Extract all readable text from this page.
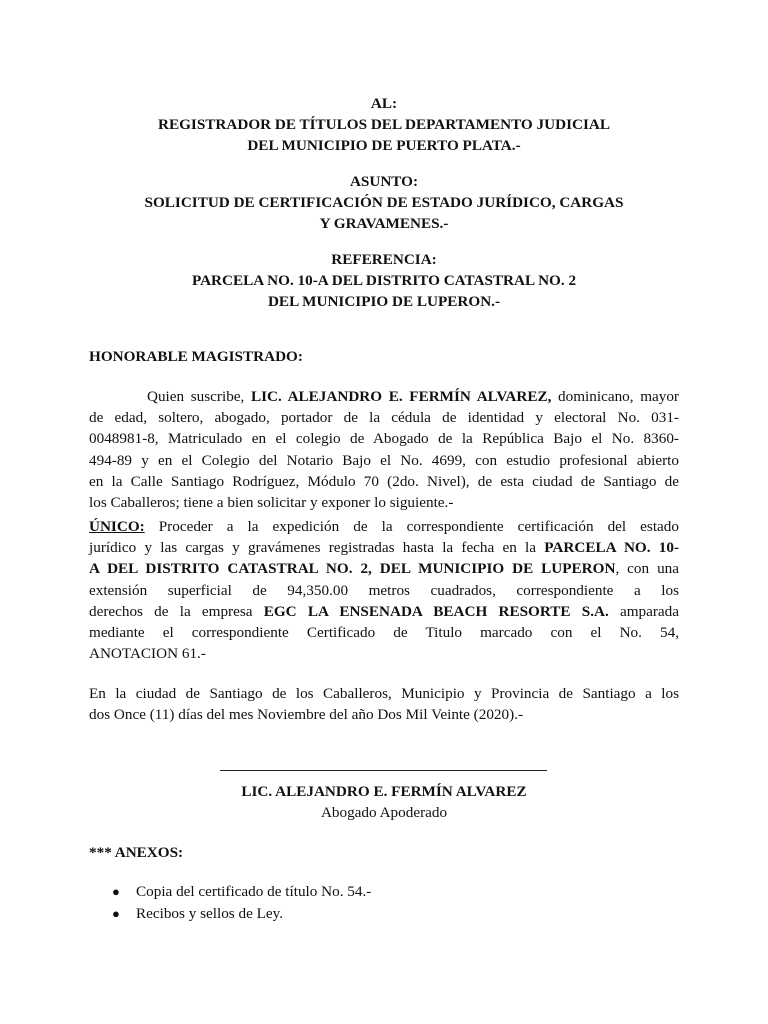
AL:
REGISTRADOR DE TÍTULOS DEL DEPARTAMENTO JUDICIAL
DEL MUNICIPIO DE PUERTO PLATA.-
ASUNTO:
SOLICITUD DE CERTIFICACIÓN DE ESTADO JURÍDICO, CARGAS
Y GRAVAMENES.-
REFERENCIA:
PARCELA NO. 10-A DEL DISTRITO CATASTRAL NO. 2
DEL MUNICIPIO DE LUPERON.-
HONORABLE MAGISTRADO:
Quien suscribe, LIC. ALEJANDRO E. FERMÍN ALVAREZ, dominicano, mayor
de edad, soltero, abogado, portador de la cédula de identidad y electoral No. 031-
0048981-8, Matriculado en el colegio de Abogado de la República Bajo el No. 8360-
494-89 y en el Colegio del Notario Bajo el No. 4699, con estudio profesional abierto
en la Calle Santiago Rodríguez, Módulo 70 (2do. Nivel), de esta ciudad de Santiago de
los Caballeros; tiene a bien solicitar y exponer lo siguiente.-
ÚNICO: Proceder a la expedición de la correspondiente certificación del estado
jurídico y las cargas y gravámenes registradas hasta la fecha en la PARCELA NO. 10-
A DEL DISTRITO CATASTRAL NO. 2, DEL MUNICIPIO DE LUPERON, con una
extensión superficial de 94,350.00 metros cuadrados, correspondiente a los
derechos de la empresa EGC LA ENSENADA BEACH RESORTE S.A. amparada
mediante el correspondiente Certificado de Titulo marcado con el No. 54,
ANOTACION 61.-
En la ciudad de Santiago de los Caballeros, Municipio y Provincia de Santiago a los
dos Once (11) días del mes Noviembre del año Dos Mil Veinte (2020).-
LIC. ALEJANDRO E. FERMÍN ALVAREZ
Abogado Apoderado
*** ANEXOS:
● Copia del certificado de título No. 54.-
● Recibos y sellos de Ley.
